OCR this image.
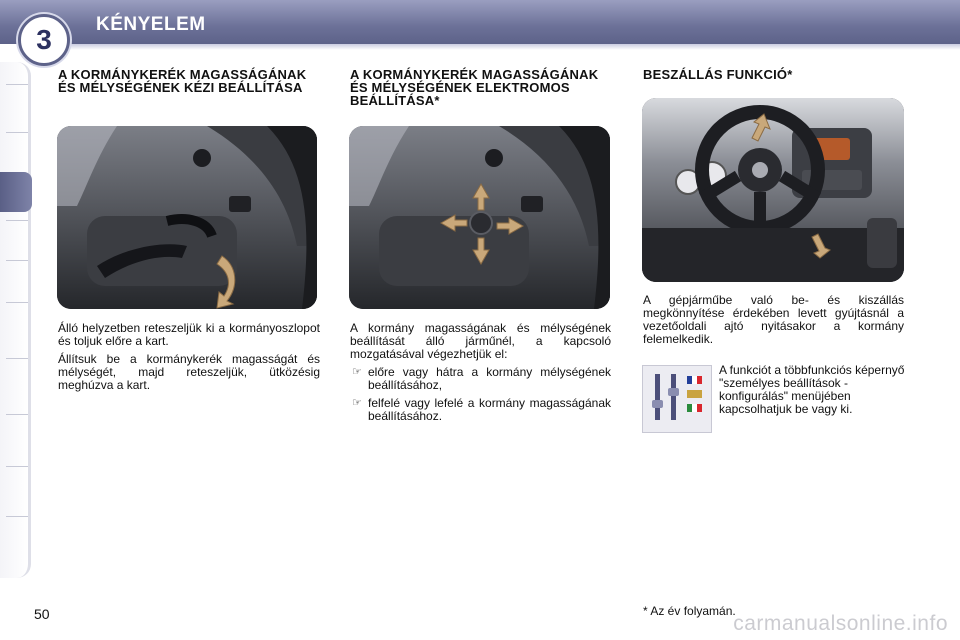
3	KÉNYELEM
A KORMÁNYKERÉK MAGASSÁGÁNAK ÉS MÉLYSÉGÉNEK KÉZI BEÁLLÍTÁSA

Álló helyzetben reteszeljük ki a kormányoszlopot és toljuk előre a kart.

Állítsuk be a kormánykerék magasságát és mélységét, majd reteszeljük, ütközésig meghúzva a kart.

A KORMÁNYKERÉK MAGASSÁGÁNAK ÉS MÉLYSÉGÉNEK ELEKTROMOS BEÁLLÍTÁSA*

A kormány magasságának és mélységének beállítását álló járműnél, a kapcsoló mozgatásával végezhetjük el:

☞ előre vagy hátra a kormány mélységének beállításához,
☞ felfelé vagy lefelé a kormány magasságának beállításához.
BESZÁLLÁS FUNKCIÓ*

A gépjárműbe való be- és kiszállás megkönnyítése érdekében levett gyújtásnál a vezetőoldali ajtó nyitásakor a kormány felemelkedik.

A funkciót a többfunkciós képernyő "személyes beállítások - konfigurálás" menüjében kapcsolhatjuk be vagy ki.

50	* Az év folyamán.
carmanualsonline.info
